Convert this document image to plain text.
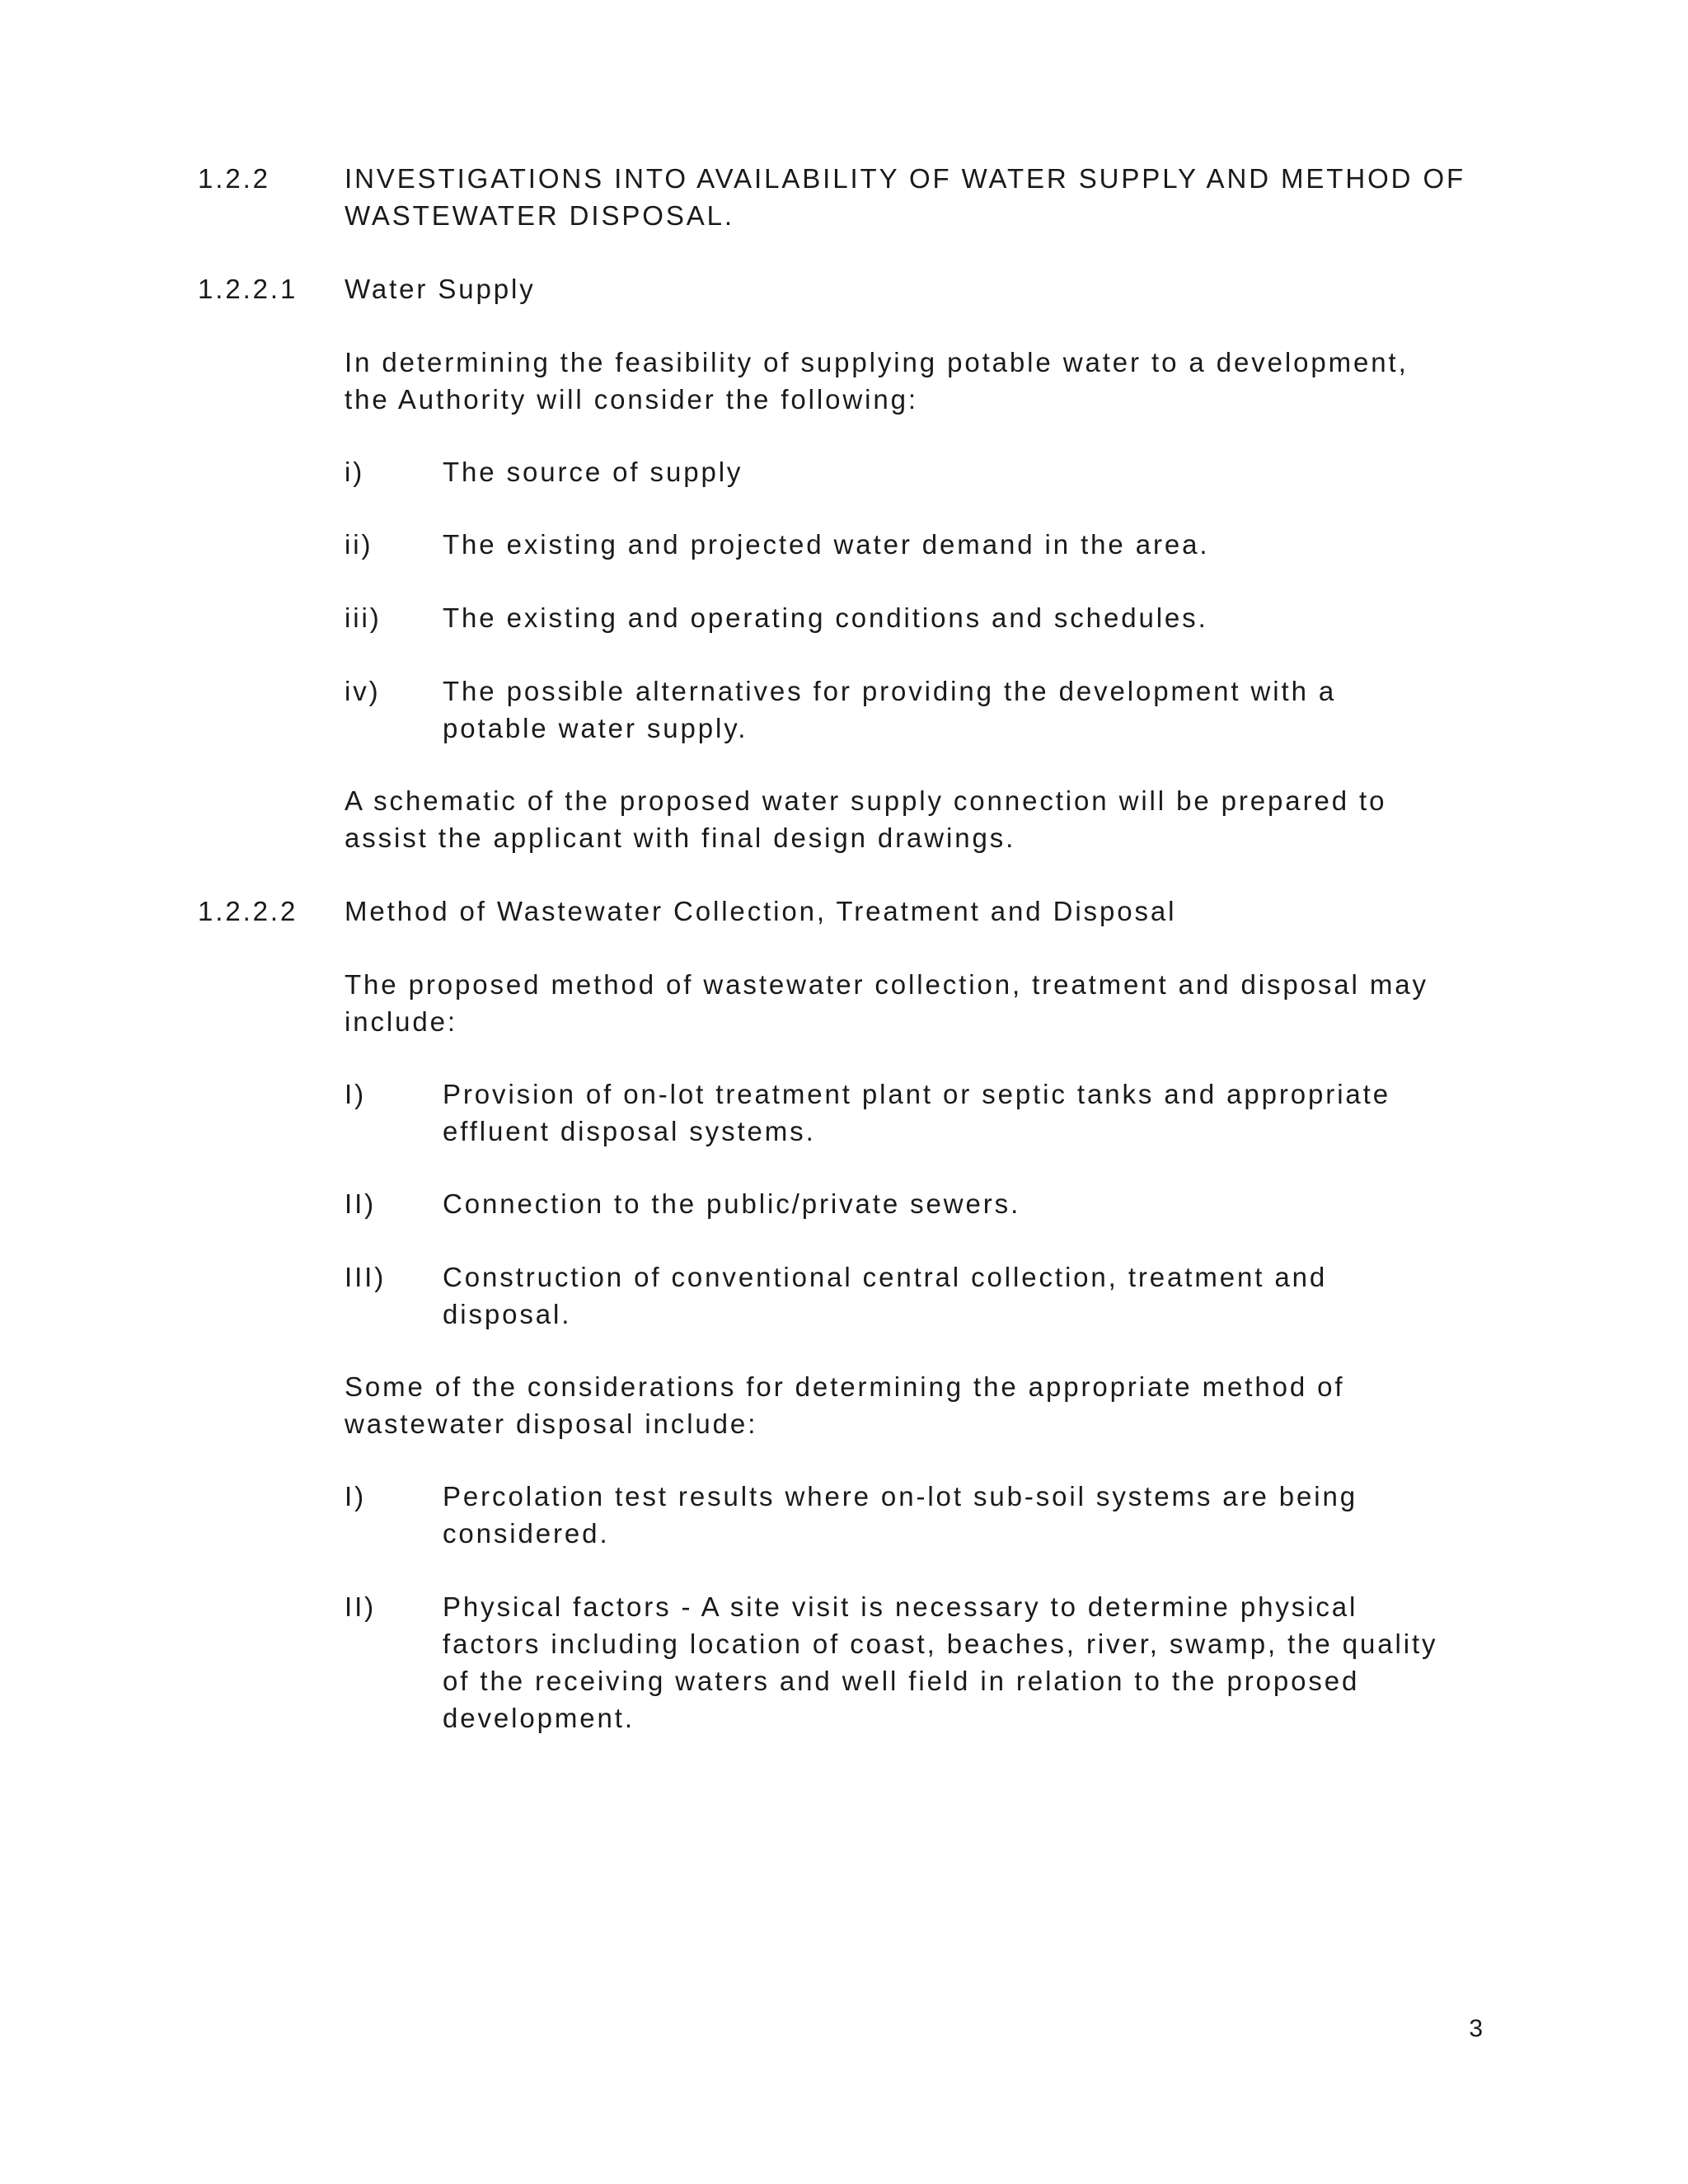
1.2.2	INVESTIGATIONS INTO AVAILABILITY OF WATER SUPPLY AND METHOD OF
WASTEWATER DISPOSAL.
1.2.2.1 Water Supply
In determining the feasibility of supplying potable water to a development,
the Authority will consider the following:
i)	The source of supply
ii)	The existing and projected water demand in the area.
iii) The existing and operating conditions and schedules.
iv) The possible alternatives for providing the development with a
potable water supply.
A schematic of the proposed water supply connection will be prepared to
assist the applicant with final design drawings.
1.2.2.2 Method of Wastewater Collection, Treatment and Disposal
The proposed method of wastewater collection, treatment and disposal may
include:
I)	Provision of on-lot treatment plant or septic tanks and appropriate
effluent disposal systems.
II) Connection to the public/private sewers.
III) Construction of conventional central collection, treatment and
disposal.
Some of the considerations for determining the appropriate method of
wastewater disposal include:
I)	Percolation test results where on-lot sub-soil systems are being
considered.
II) Physical factors - A site visit is necessary to determine physical
factors including location of coast, beaches, river, swamp, the quality
of the receiving waters and well field in relation to the proposed
development.
3
